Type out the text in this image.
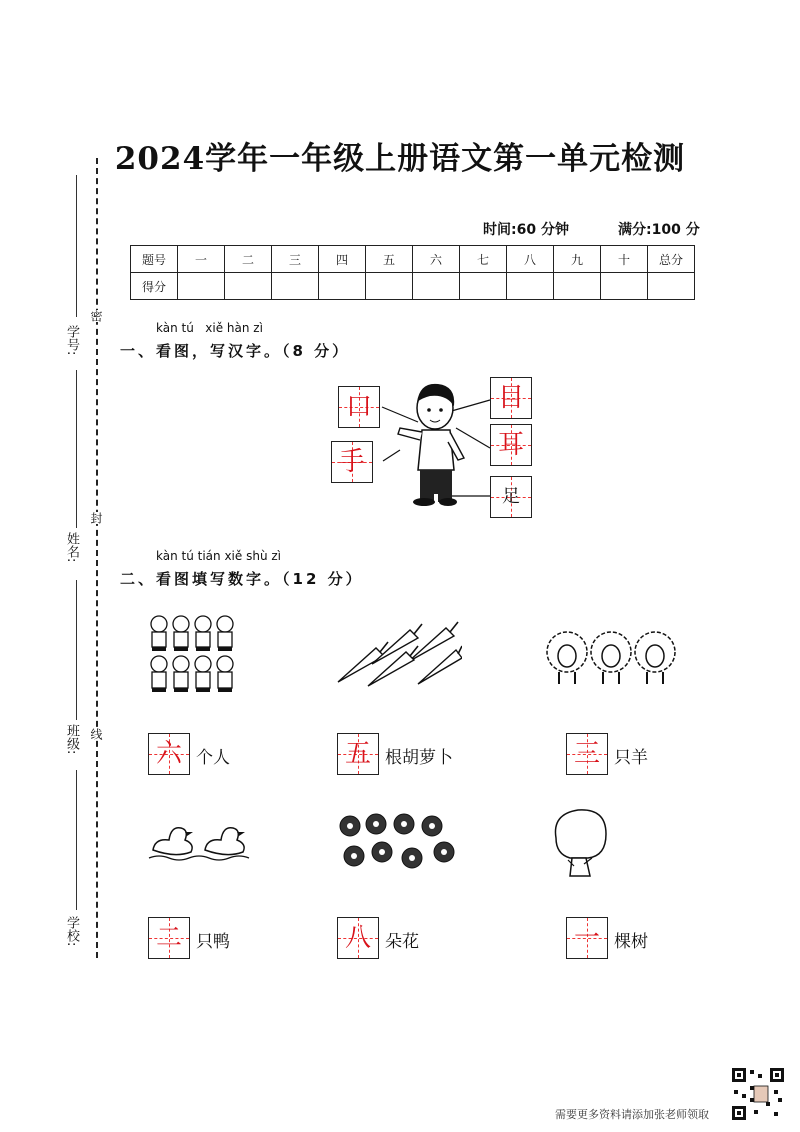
学号:
姓名:
班级:
学校:
密
封
线
2024学年一年级上册语文第一单元检测
时间:60 分钟	满分:100 分
题号	一	二	三	四	五	六	七	八	九	十	总分
得分											
kàn tú   xiě hàn zì
一、看图，写汉字。（8 分）
口	目
耳
手
足
kàn tú tián xiě shù zì
二、看图填写数字。（12 分）
六 个人	五 根胡萝卜	三 只羊
二 只鸭	八 朵花	一 棵树
需要更多资料请添加张老师领取
